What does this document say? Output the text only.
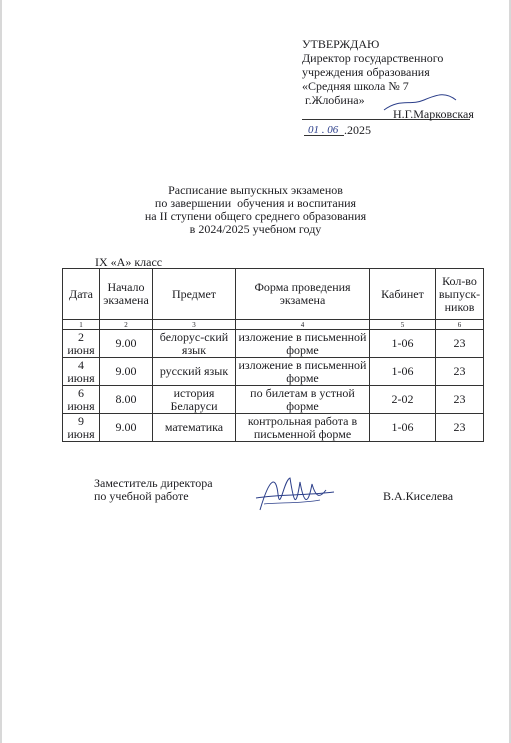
УТВЕРЖДАЮ
Директор государственного
учреждения образования
«Средняя школа № 7
г.Жлобина»
Н.Г.Марковская
01 . 06 .2025
Расписание выпускных экзаменов
по завершении  обучения и воспитания
на II ступени общего среднего образования
в 2024/2025 учебном году
IX «А» класс
Дата	Начало экзамена	Предмет	Форма проведения экзамена	Кабинет	Кол-во выпуск-ников
1	2	3	4	5	6
2 июня	9.00	белорус-ский язык	изложение в письменной форме	1-06	23
4 июня	9.00	русский язык	изложение в письменной форме	1-06	23
6 июня	8.00	история Беларуси	по билетам в устной форме	2-02	23
9 июня	9.00	математика	контрольная работа в письменной форме	1-06	23
Заместитель директора
по учебной работе	В.А.Киселева
